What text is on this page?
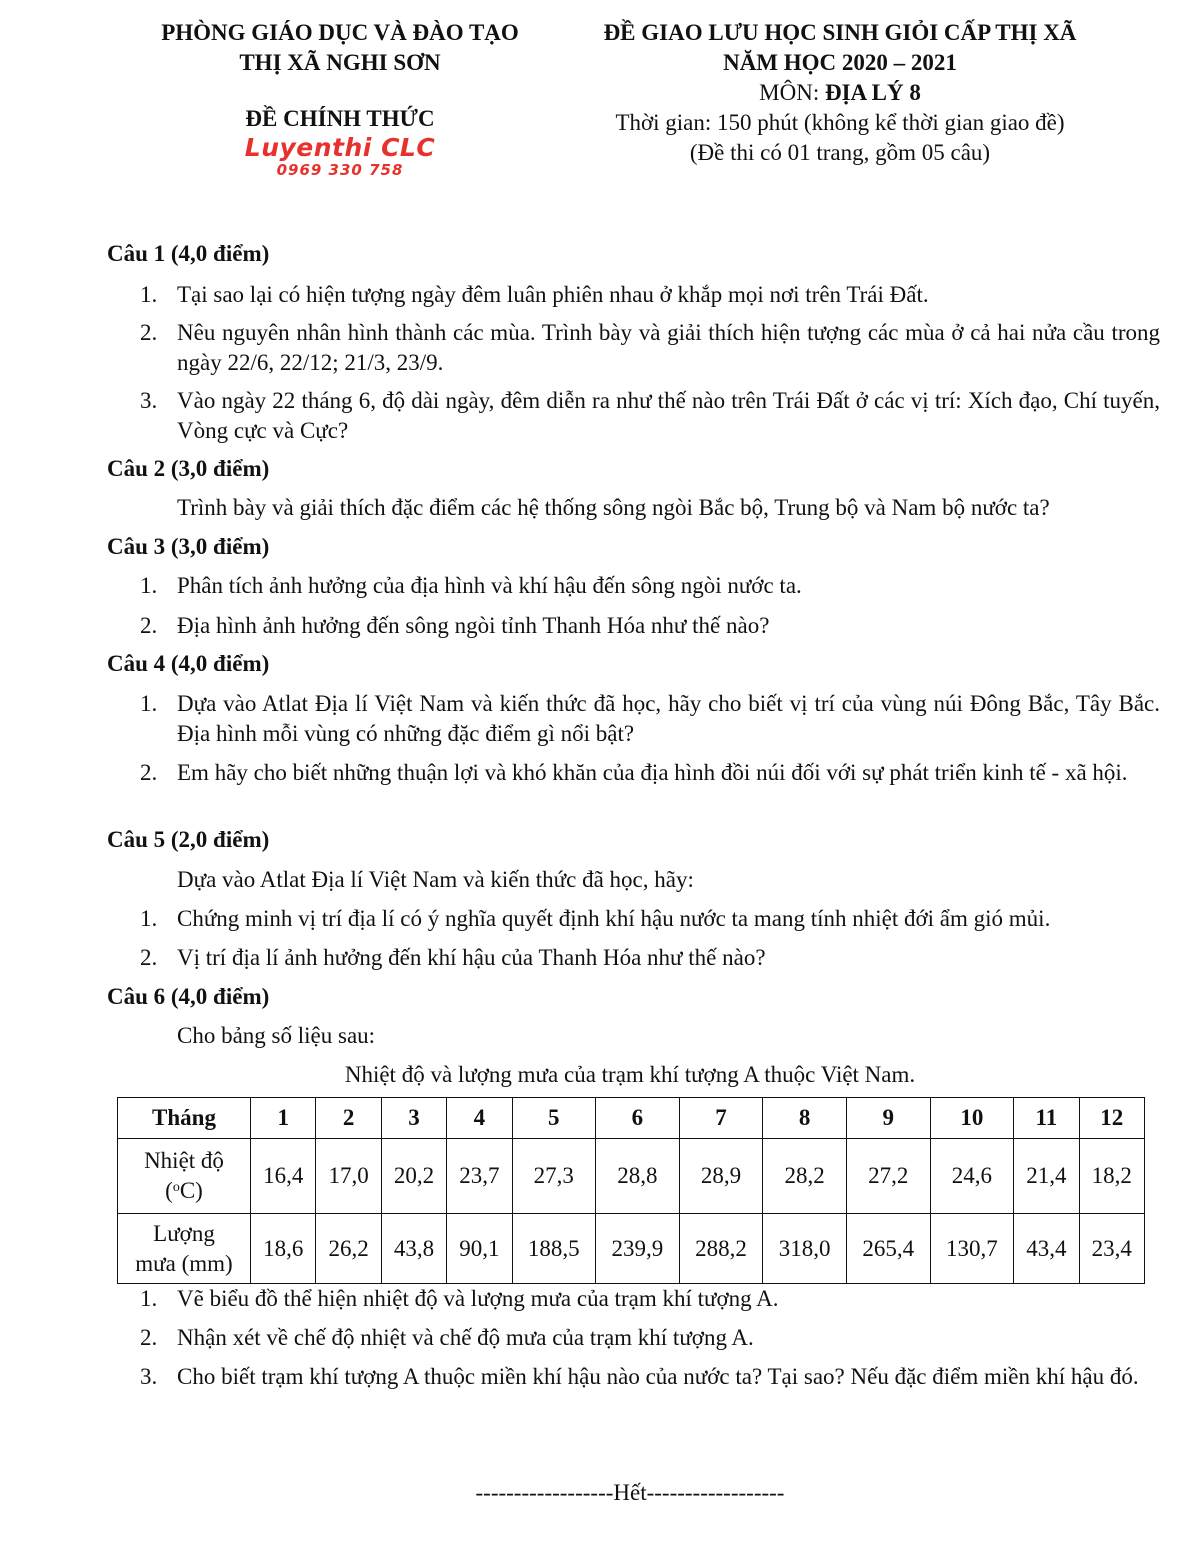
PHÒNG GIÁO DỤC VÀ ĐÀO TẠO
THỊ XÃ NGHI SƠN
ĐỀ CHÍNH THỨC
Luyenthi CLC
0969 330 758
ĐỀ GIAO LƯU HỌC SINH GIỎI CẤP THỊ XÃ
NĂM HỌC 2020 – 2021
MÔN: ĐỊA LÝ 8
Thời gian: 150 phút (không kể thời gian giao đề)
(Đề thi có 01 trang, gồm 05 câu)
Câu 1 (4,0 điểm)
1. Tại sao lại có hiện tượng ngày đêm luân phiên nhau ở khắp mọi nơi trên Trái Đất.
2. Nêu nguyên nhân hình thành các mùa. Trình bày và giải thích hiện tượng các mùa ở cả hai nửa cầu trong ngày 22/6, 22/12; 21/3, 23/9.
3. Vào ngày 22 tháng 6, độ dài ngày, đêm diễn ra như thế nào trên Trái Đất ở các vị trí: Xích đạo, Chí tuyến, Vòng cực và Cực?
Câu 2 (3,0 điểm)
Trình bày và giải thích đặc điểm các hệ thống sông ngòi Bắc bộ, Trung bộ và Nam bộ nước ta?
Câu 3 (3,0 điểm)
1. Phân tích ảnh hưởng của địa hình và khí hậu đến sông ngòi nước ta.
2. Địa hình ảnh hưởng đến sông ngòi tỉnh Thanh Hóa như thế nào?
Câu 4 (4,0 điểm)
1. Dựa vào Atlat Địa lí Việt Nam và kiến thức đã học, hãy cho biết vị trí của vùng núi Đông Bắc, Tây Bắc. Địa hình mỗi vùng có những đặc điểm gì nổi bật?
2. Em hãy cho biết những thuận lợi và khó khăn của địa hình đồi núi đối với sự phát triển kinh tế - xã hội.
Câu 5 (2,0 điểm)
Dựa vào Atlat Địa lí Việt Nam và kiến thức đã học, hãy:
1. Chứng minh vị trí địa lí có ý nghĩa quyết định khí hậu nước ta mang tính nhiệt đới ẩm gió mủi.
2. Vị trí địa lí ảnh hưởng đến khí hậu của Thanh Hóa như thế nào?
Câu 6 (4,0 điểm)
Cho bảng số liệu sau:
Nhiệt độ và lượng mưa của trạm khí tượng A thuộc Việt Nam.
Tháng	1	2	3	4	5	6	7	8	9	10	11	12

Nhiệt độ
($^o$C)	16,4	17,0	20,2	23,7	27,3	28,8	28,9	28,2	27,2	24,6	21,4	18,2

Lượng
mưa (mm)	18,6	26,2	43,8	90,1	188,5	239,9	288,2	318,0	265,4	130,7	43,4	23,4
1. Vẽ biểu đồ thể hiện nhiệt độ và lượng mưa của trạm khí tượng A.
2. Nhận xét về chế độ nhiệt và chế độ mưa của trạm khí tượng A.
3. Cho biết trạm khí tượng A thuộc miền khí hậu nào của nước ta? Tại sao? Nếu đặc điểm miền khí hậu đó.
------------------Hết------------------
